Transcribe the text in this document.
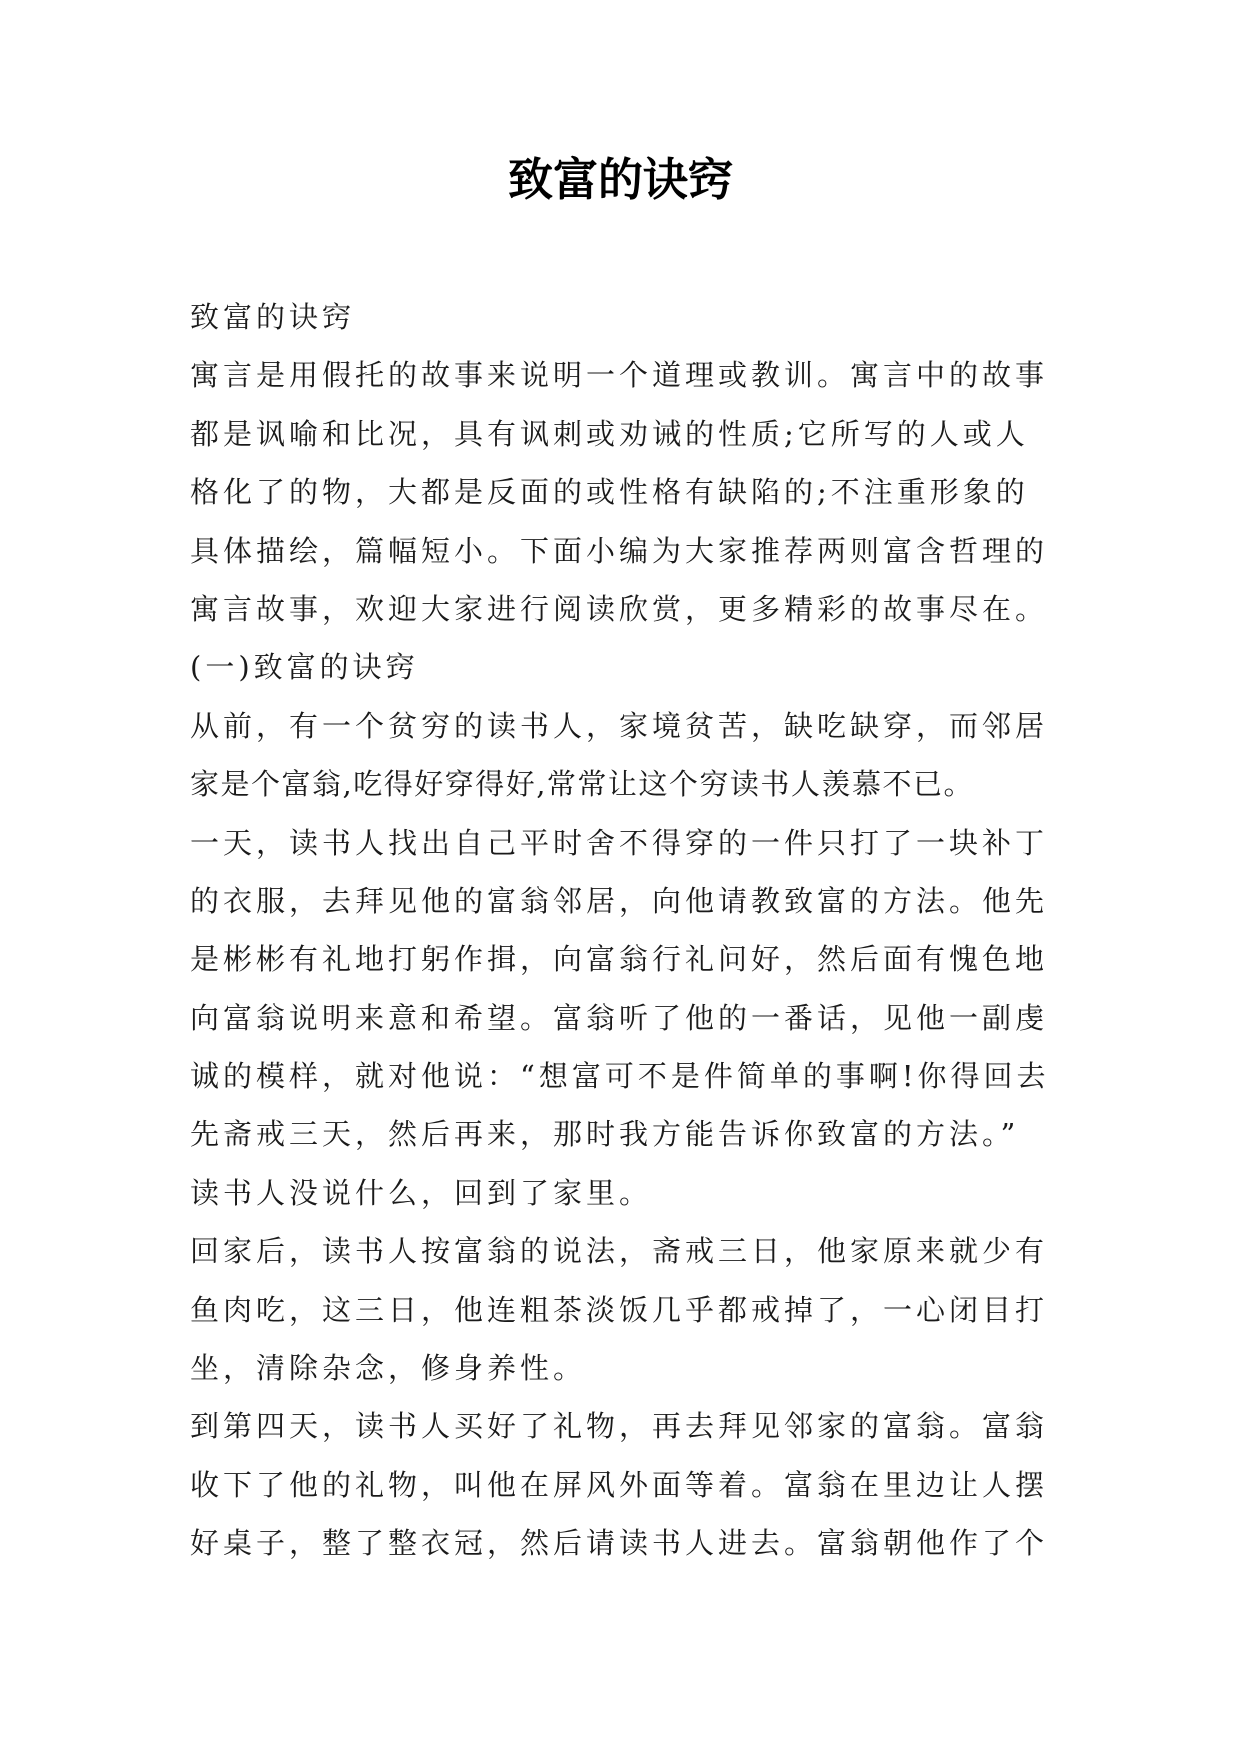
致富的诀窍
致富的诀窍
寓言是用假托的故事来说明一个道理或教训。寓言中的故事
都是讽喻和比况，具有讽刺或劝诫的性质;它所写的人或人
格化了的物，大都是反面的或性格有缺陷的;不注重形象的
具体描绘，篇幅短小。下面小编为大家推荐两则富含哲理的
寓言故事，欢迎大家进行阅读欣赏，更多精彩的故事尽在。
(一)致富的诀窍
从前，有一个贫穷的读书人，家境贫苦，缺吃缺穿，而邻居
家是个富翁,吃得好穿得好,常常让这个穷读书人羡慕不已。
一天，读书人找出自己平时舍不得穿的一件只打了一块补丁
的衣服，去拜见他的富翁邻居，向他请教致富的方法。他先
是彬彬有礼地打躬作揖，向富翁行礼问好，然后面有愧色地
向富翁说明来意和希望。富翁听了他的一番话，见他一副虔
诚的模样，就对他说：“想富可不是件简单的事啊!你得回去
先斋戒三天，然后再来，那时我方能告诉你致富的方法。”
读书人没说什么，回到了家里。
回家后，读书人按富翁的说法，斋戒三日，他家原来就少有
鱼肉吃，这三日，他连粗茶淡饭几乎都戒掉了，一心闭目打
坐，清除杂念，修身养性。
到第四天，读书人买好了礼物，再去拜见邻家的富翁。富翁
收下了他的礼物，叫他在屏风外面等着。富翁在里边让人摆
好桌子，整了整衣冠，然后请读书人进去。富翁朝他作了个
